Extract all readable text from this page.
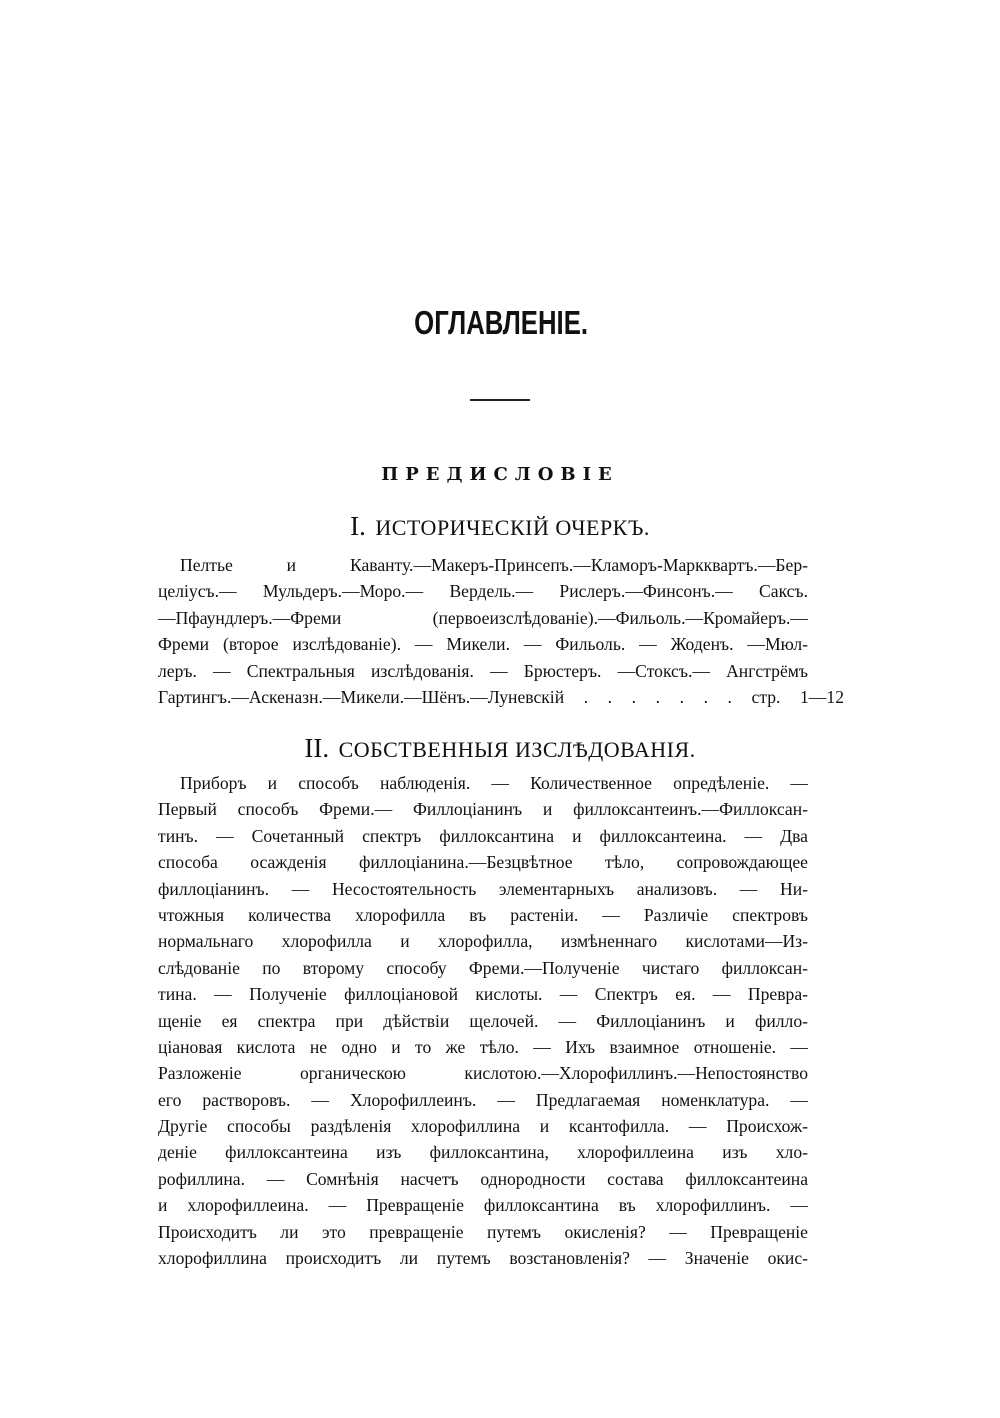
ОГЛАВЛЕНІЕ.
ПРЕДИСЛОВІЕ
I. ИСТОРИЧЕСКІЙ ОЧЕРКЪ.
Пелтье и Каванту.—Макеръ-Принсепъ.—Кламоръ-Маркквартъ.—Бер-
целіусъ.— Мульдеръ.—Моро.— Вердель.— Рислеръ.—Финсонъ.— Саксъ.
—Пфаундлеръ.—Фреми (первоеизслѣдованіе).—Фильоль.—Кромайеръ.—
Фреми (второе изслѣдованіе). — Микели. — Фильоль. — Жоденъ. —Мюл-
леръ. — Спектральныя изслѣдованія. — Брюстеръ. —Стоксъ.— Ангстрёмъ
Гартингъ.—Аскеназн.—Микели.—Шёнъ.—Луневскій . . . . . . . стр. 1—12
II. СОБСТВЕННЫЯ ИЗСЛѢДОВАНІЯ.
Приборъ и способъ наблюденія. — Количественное опредѣленіе. —
Первый способъ Фреми.— Филлоціанинъ и филлоксантеинъ.—Филлоксан-
тинъ. — Сочетанный спектръ филлоксантина и филлоксантеина. — Два
способа осажденія филлоціанина.—Безцвѣтное тѣло, сопровождающее
филлоціанинъ. — Несостоятельность элементарныхъ анализовъ. — Ни-
чтожныя количества хлорофилла въ растеніи. — Различіе спектровъ
нормальнаго хлорофилла и хлорофилла, измѣненнаго кислотами—Из-
слѣдованіе по второму способу Фреми.—Полученіе чистаго филлоксан-
тина. — Полученіе филлоціановой кислоты. — Спектръ ея. — Превра-
щеніе ея спектра при дѣйствіи щелочей. — Филлоціанинъ и филло-
ціановая кислота не одно и то же тѣло. — Ихъ взаимное отношеніе. —
Разложеніе органическою кислотою.—Хлорофиллинъ.—Непостоянство
его растворовъ. — Хлорофиллеинъ. — Предлагаемая номенклатура. —
Другіе способы раздѣленія хлорофиллина и ксантофилла. — Происхож-
деніе филлоксантеина изъ филлоксантина, хлорофиллеина изъ хло-
рофиллина. — Сомнѣнія насчетъ однородности состава филлоксантеина
и хлорофиллеина. — Превращеніе филлоксантина въ хлорофиллинъ. —
Происходитъ ли это превращеніе путемъ окисленія? — Превращеніе
хлорофиллина происходитъ ли путемъ возстановленія? — Значеніе окис-
